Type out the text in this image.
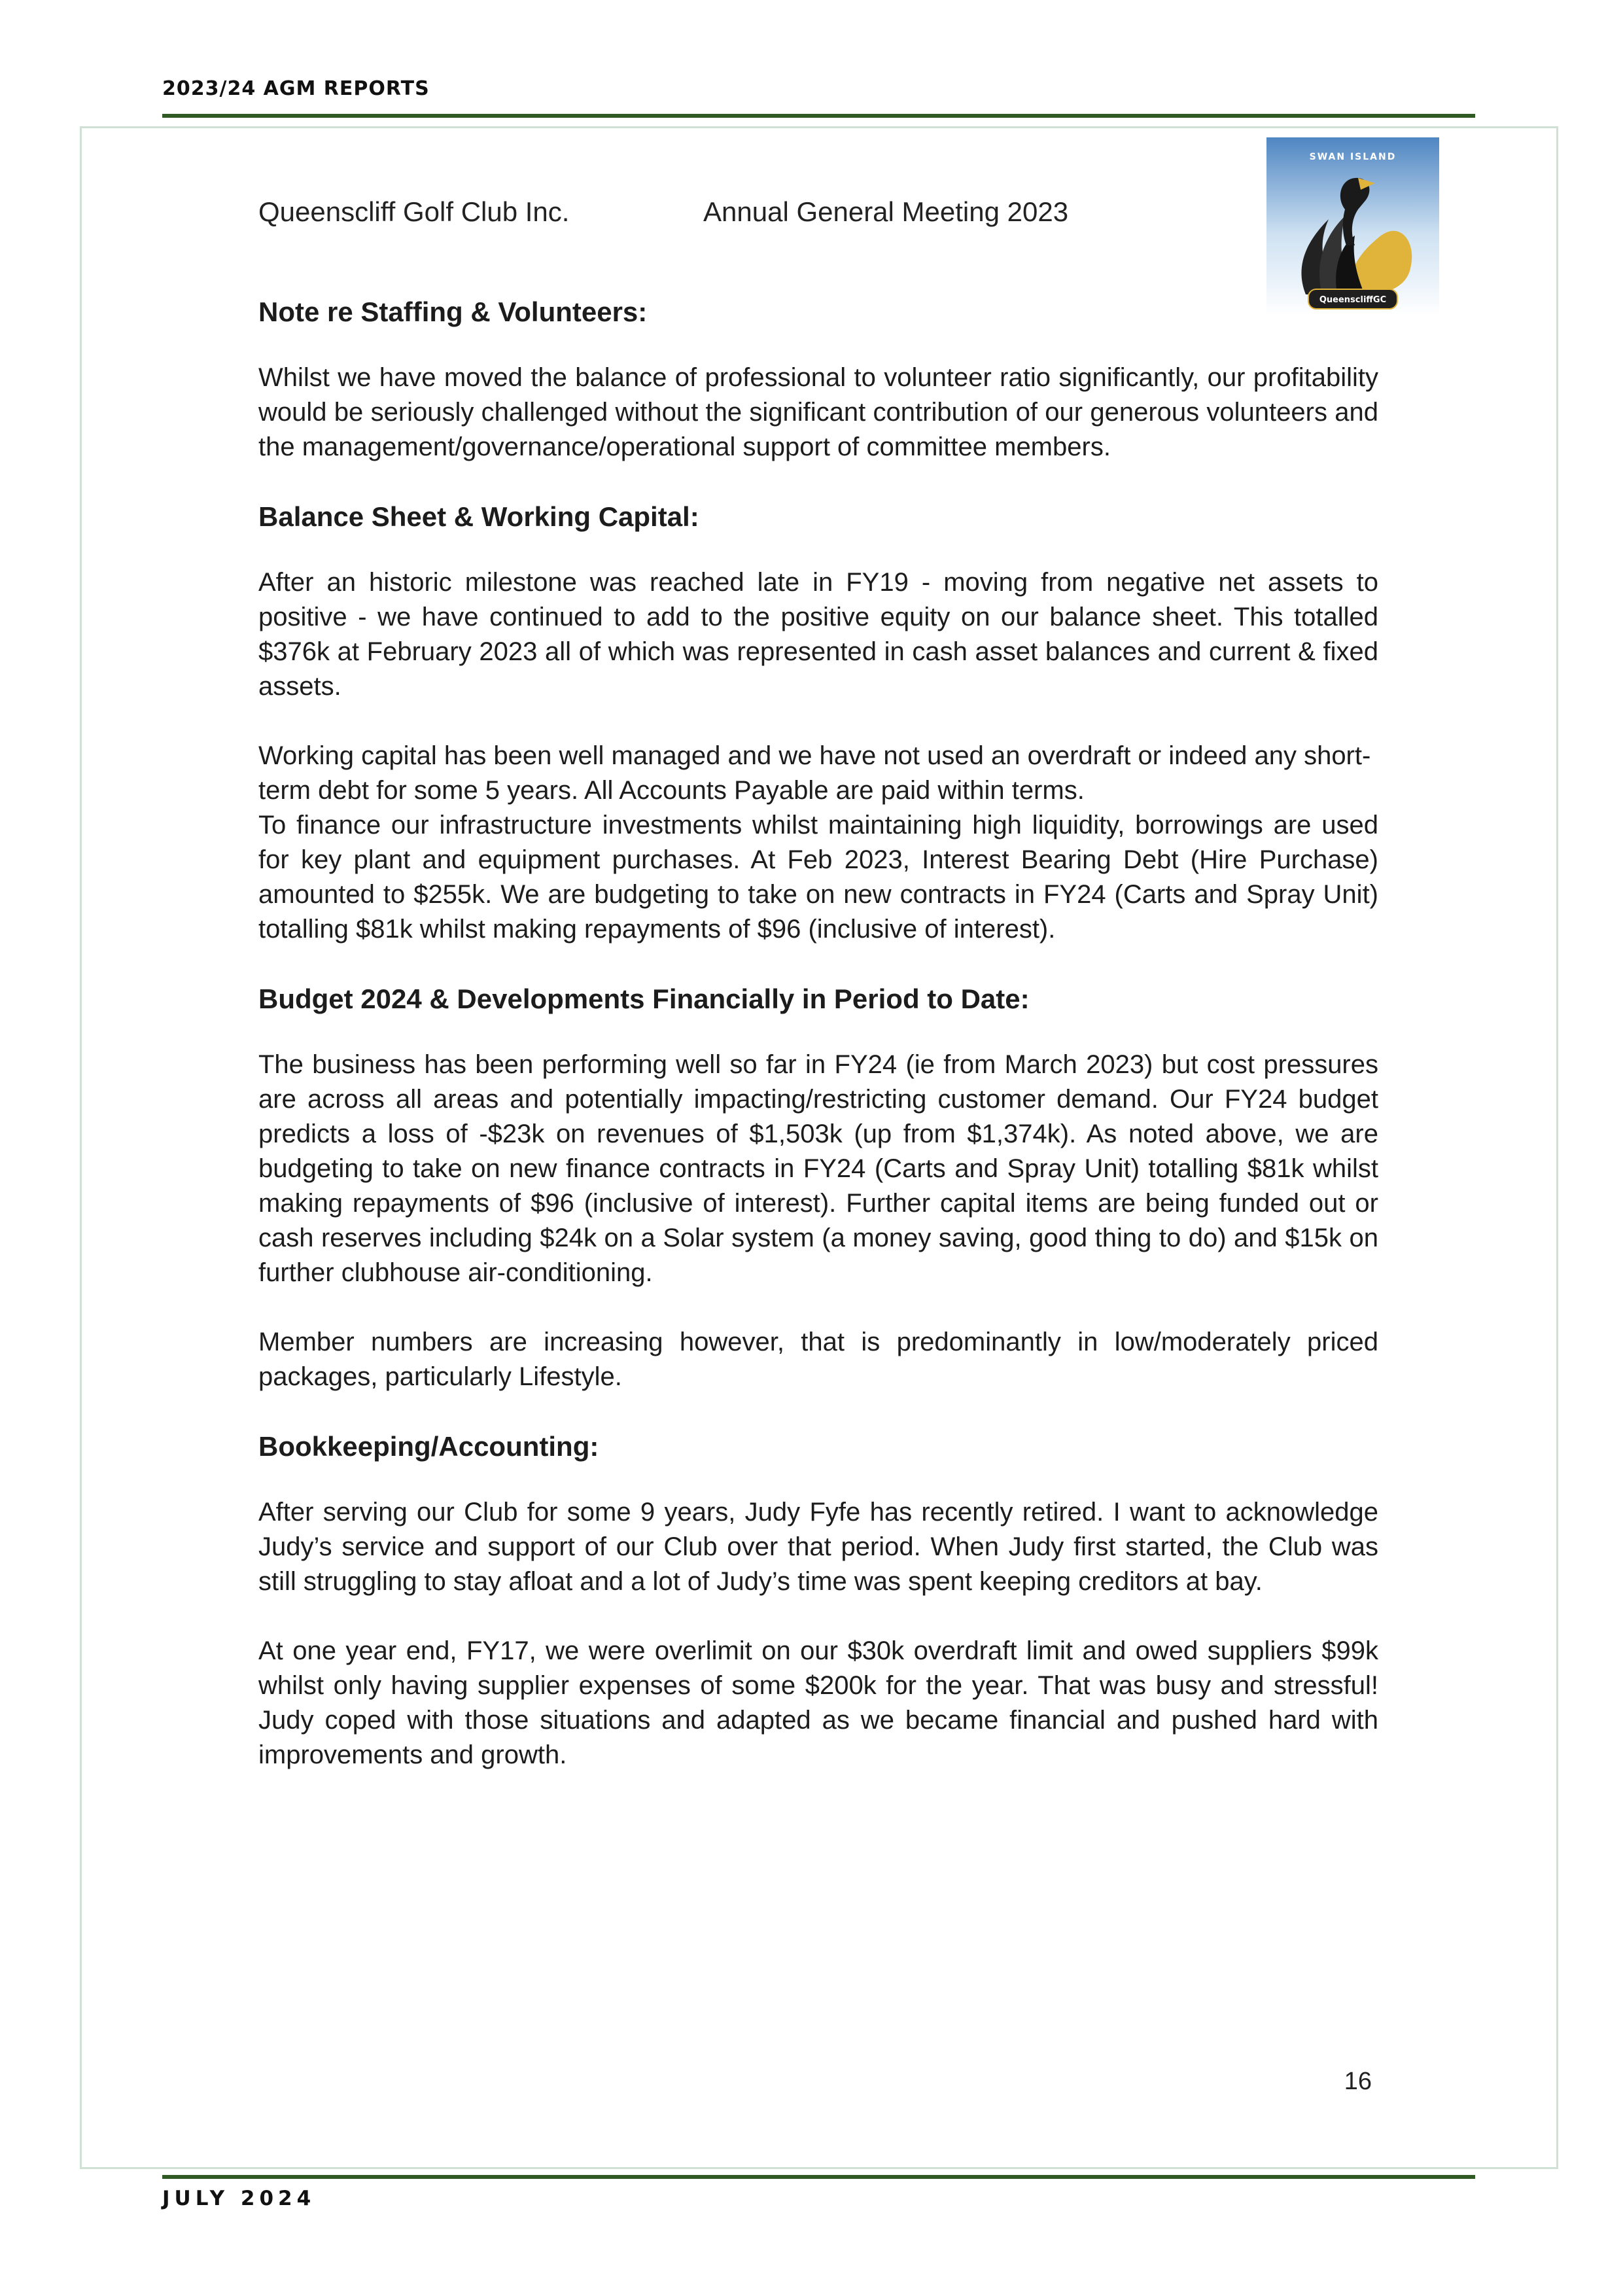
2023/24 AGM REPORTS
Queenscliff Golf Club Inc.	Annual General Meeting 2023
SWAN ISLAND
QueenscliffGC
Note re Staffing & Volunteers:

Whilst we have moved the balance of professional to volunteer ratio significantly, our profitability would be seriously challenged without the significant contribution of our generous volunteers and the management/governance/operational support of committee members.

Balance Sheet & Working Capital:

After an historic milestone was reached late in FY19 - moving from negative net assets to positive - we have continued to add to the positive equity on our balance sheet. This totalled $376k at February 2023 all of which was represented in cash asset balances and current & fixed assets.

Working capital has been well managed and we have not used an overdraft or indeed any short-term debt for some 5 years. All Accounts Payable are paid within terms.

To finance our infrastructure investments whilst maintaining high liquidity, borrowings are used for key plant and equipment purchases. At Feb 2023, Interest Bearing Debt (Hire Purchase) amounted to $255k. We are budgeting to take on new contracts in FY24 (Carts and Spray Unit) totalling $81k whilst making repayments of $96 (inclusive of interest).

Budget 2024 & Developments Financially in Period to Date:

The business has been performing well so far in FY24 (ie from March 2023) but cost pressures are across all areas and potentially impacting/restricting customer demand. Our FY24 budget predicts a loss of -$23k on revenues of $1,503k (up from $1,374k). As noted above, we are budgeting to take on new finance contracts in FY24 (Carts and Spray Unit) totalling $81k whilst making repayments of $96 (inclusive of interest). Further capital items are being funded out or cash reserves including $24k on a Solar system (a money saving, good thing to do) and $15k on further clubhouse air-conditioning.

Member numbers are increasing however, that is predominantly in low/moderately priced packages, particularly Lifestyle.

Bookkeeping/Accounting:

After serving our Club for some 9 years, Judy Fyfe has recently retired. I want to acknowledge Judy’s service and support of our Club over that period. When Judy first started, the Club was still struggling to stay afloat and a lot of Judy’s time was spent keeping creditors at bay.

At one year end, FY17, we were overlimit on our $30k overdraft limit and owed suppliers $99k whilst only having supplier expenses of some $200k for the year. That was busy and stressful! Judy coped with those situations and adapted as we became financial and pushed hard with improvements and growth.

16
JULY 2024
